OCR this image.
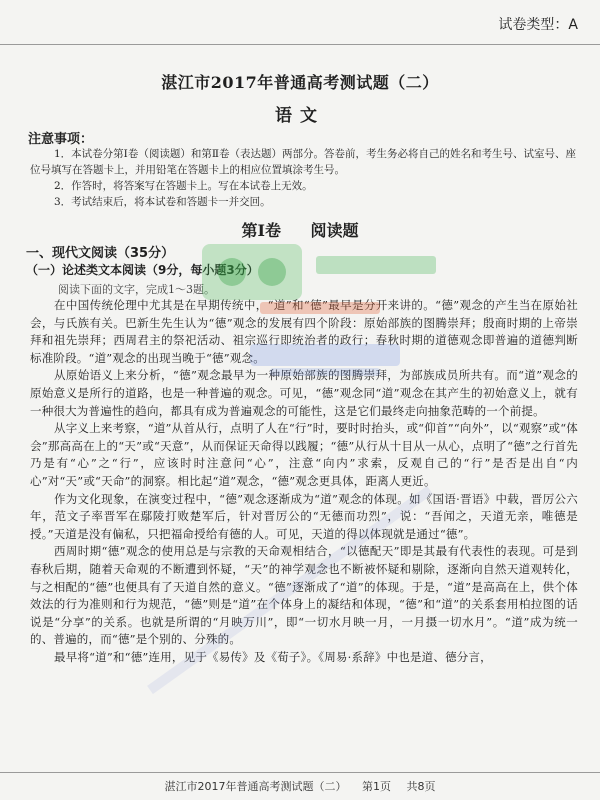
试卷类型：A
湛江市2017年普通高考测试题（二）
语文
注意事项：
1．本试卷分第Ⅰ卷（阅读题）和第Ⅱ卷（表达题）两部分。答卷前，考生务必将自己的姓名和考生号、试室号、座位号填写在答题卡上，并用铅笔在答题卡上的相应位置填涂考生号。
2．作答时，将答案写在答题卡上。写在本试卷上无效。
3．考试结束后，将本试卷和答题卡一并交回。
第Ⅰ卷 阅读题
一、现代文阅读（35分）
（一）论述类文本阅读（9分，每小题3分）
阅读下面的文字，完成1～3题。

在中国传统伦理中尤其是在早期传统中，“道”和“德”最早是分开来讲的。“德”观念的产生当在原始社会，与氏族有关。巴新生先生认为“德”观念的发展有四个阶段：原始部族的图腾崇拜；殷商时期的上帝崇拜和祖先崇拜；西周君主的祭祀活动、祖宗巡行即统治者的政行；春秋时期的道德观念即普遍的道德判断标准阶段。“道”观念的出现当晚于“德”观念。

从原始语义上来分析，“德”观念最早为一种原始部族的图腾崇拜，为部族成员所共有。而“道”观念的原始意义是所行的道路，也是一种普遍的观念。可见，“德”观念同“道”观念在其产生的初始意义上，就有一种很大为普遍性的趋向，都具有成为普遍观念的可能性，这是它们最终走向抽象范畴的一个前提。

从字义上来考察，“道”从首从行，点明了人在“行”时，要时时抬头，或“仰首”“向外”，以“观察”或“体会”那高高在上的“天”或“天意”，从而保证天命得以践履；“德”从行从十目从一从心，点明了“德”之行首先乃是有“心”之“行”，应该时时注意问“心”，注意“向内”求索，反观自己的“行”是否是出自“内心”对“天”或“天命”的洞察。相比起“道”观念，“德”观念更具体，距离人更近。

作为文化现象，在演变过程中，“德”观念逐渐成为“道”观念的体现。如《国语·晋语》中载，晋厉公六年，范文子率晋军在鄢陵打败楚军后，针对晋厉公的“无德而功烈”，说：“吾闻之，天道无亲，唯德是授。”天道是没有偏私，只把福命授给有德的人。可见，天道的得以体现就是通过“德”。

西周时期“德”观念的使用总是与宗教的天命观相结合，“以德配天”即是其最有代表性的表现。可是到春秋后期，随着天命观的不断遭到怀疑，“天”的神学观念也不断被怀疑和剔除，逐渐向自然天道观转化，与之相配的“德”也便具有了天道自然的意义。“德”逐渐成了“道”的体现。于是，“道”是高高在上，供个体效法的行为准则和行为规范，“德”则是“道”在个体身上的凝结和体现，“德”和“道”的关系套用柏拉图的话说是“分享”的关系。也就是所谓的“月映万川”，即“一切水月映一月，一月摄一切水月”。“道”成为统一的、普遍的，而“德”是个别的、分殊的。

最早将“道”和“德”连用，见于《易传》及《荀子》。《周易·系辞》中也是道、德分言，

湛江市2017年普通高考测试题（二） 第1页 共8页
